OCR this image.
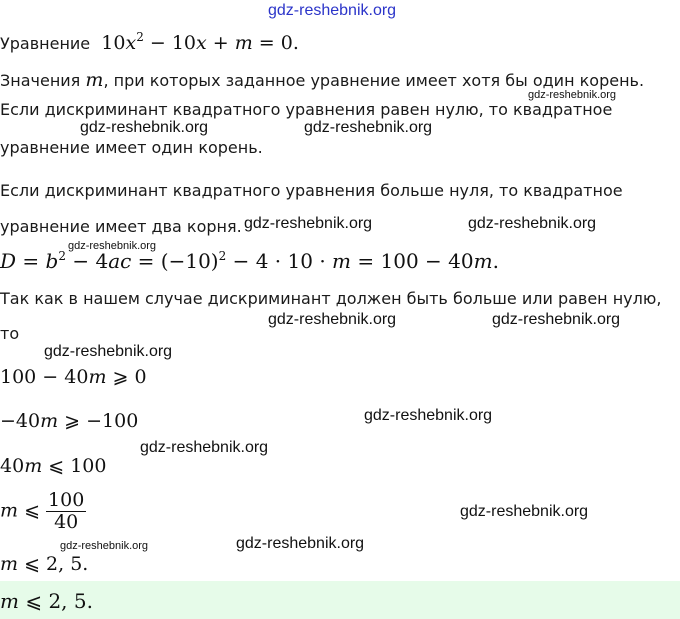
gdz-reshebnik.org
Уравнение  $10x^2 - 10x + m = 0$.
Значения m, при которых заданное уравнение имеет хотя бы один корень.
gdz-reshebnik.org
Если дискриминант квадратного уравнения равен нулю, то квадратное
gdz-reshebnik.org	gdz-reshebnik.org
уравнение имеет один корень.
Если дискриминант квадратного уравнения больше нуля, то квадратное
уравнение имеет два корня. gdz-reshebnik.org	gdz-reshebnik.org
gdz-reshebnik.org
$D = b^2 - 4ac = (-10)^2 - 4 \cdot 10 \cdot m = 100 - 40m$.
Так как в нашем случае дискриминант должен быть больше или равен нулю,
то
gdz-reshebnik.org	gdz-reshebnik.org
gdz-reshebnik.org
100 − 40m ⩾ 0
−40m ⩾ −100	gdz-reshebnik.org
gdz-reshebnik.org
40m ⩽ 100
m ⩽ $\frac{100}{40}$	gdz-reshebnik.org
gdz-reshebnik.org	gdz-reshebnik.org
m ⩽ 2, 5.
m ⩽ 2, 5.
